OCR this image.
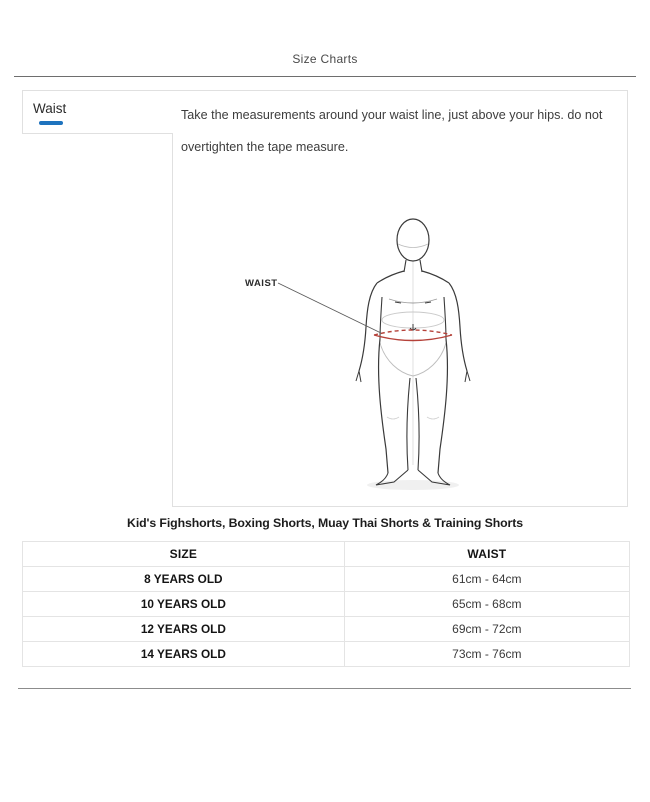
Size Charts
Waist	Take the measurements around your waist line, just above your hips. do not overtighten the tape measure.
WAIST
Kid's Fighshorts, Boxing Shorts, Muay Thai Shorts & Training Shorts
SIZE	WAIST
8 YEARS OLD	61cm - 64cm
10 YEARS OLD	65cm - 68cm
12 YEARS OLD	69cm - 72cm
14 YEARS OLD	73cm - 76cm
